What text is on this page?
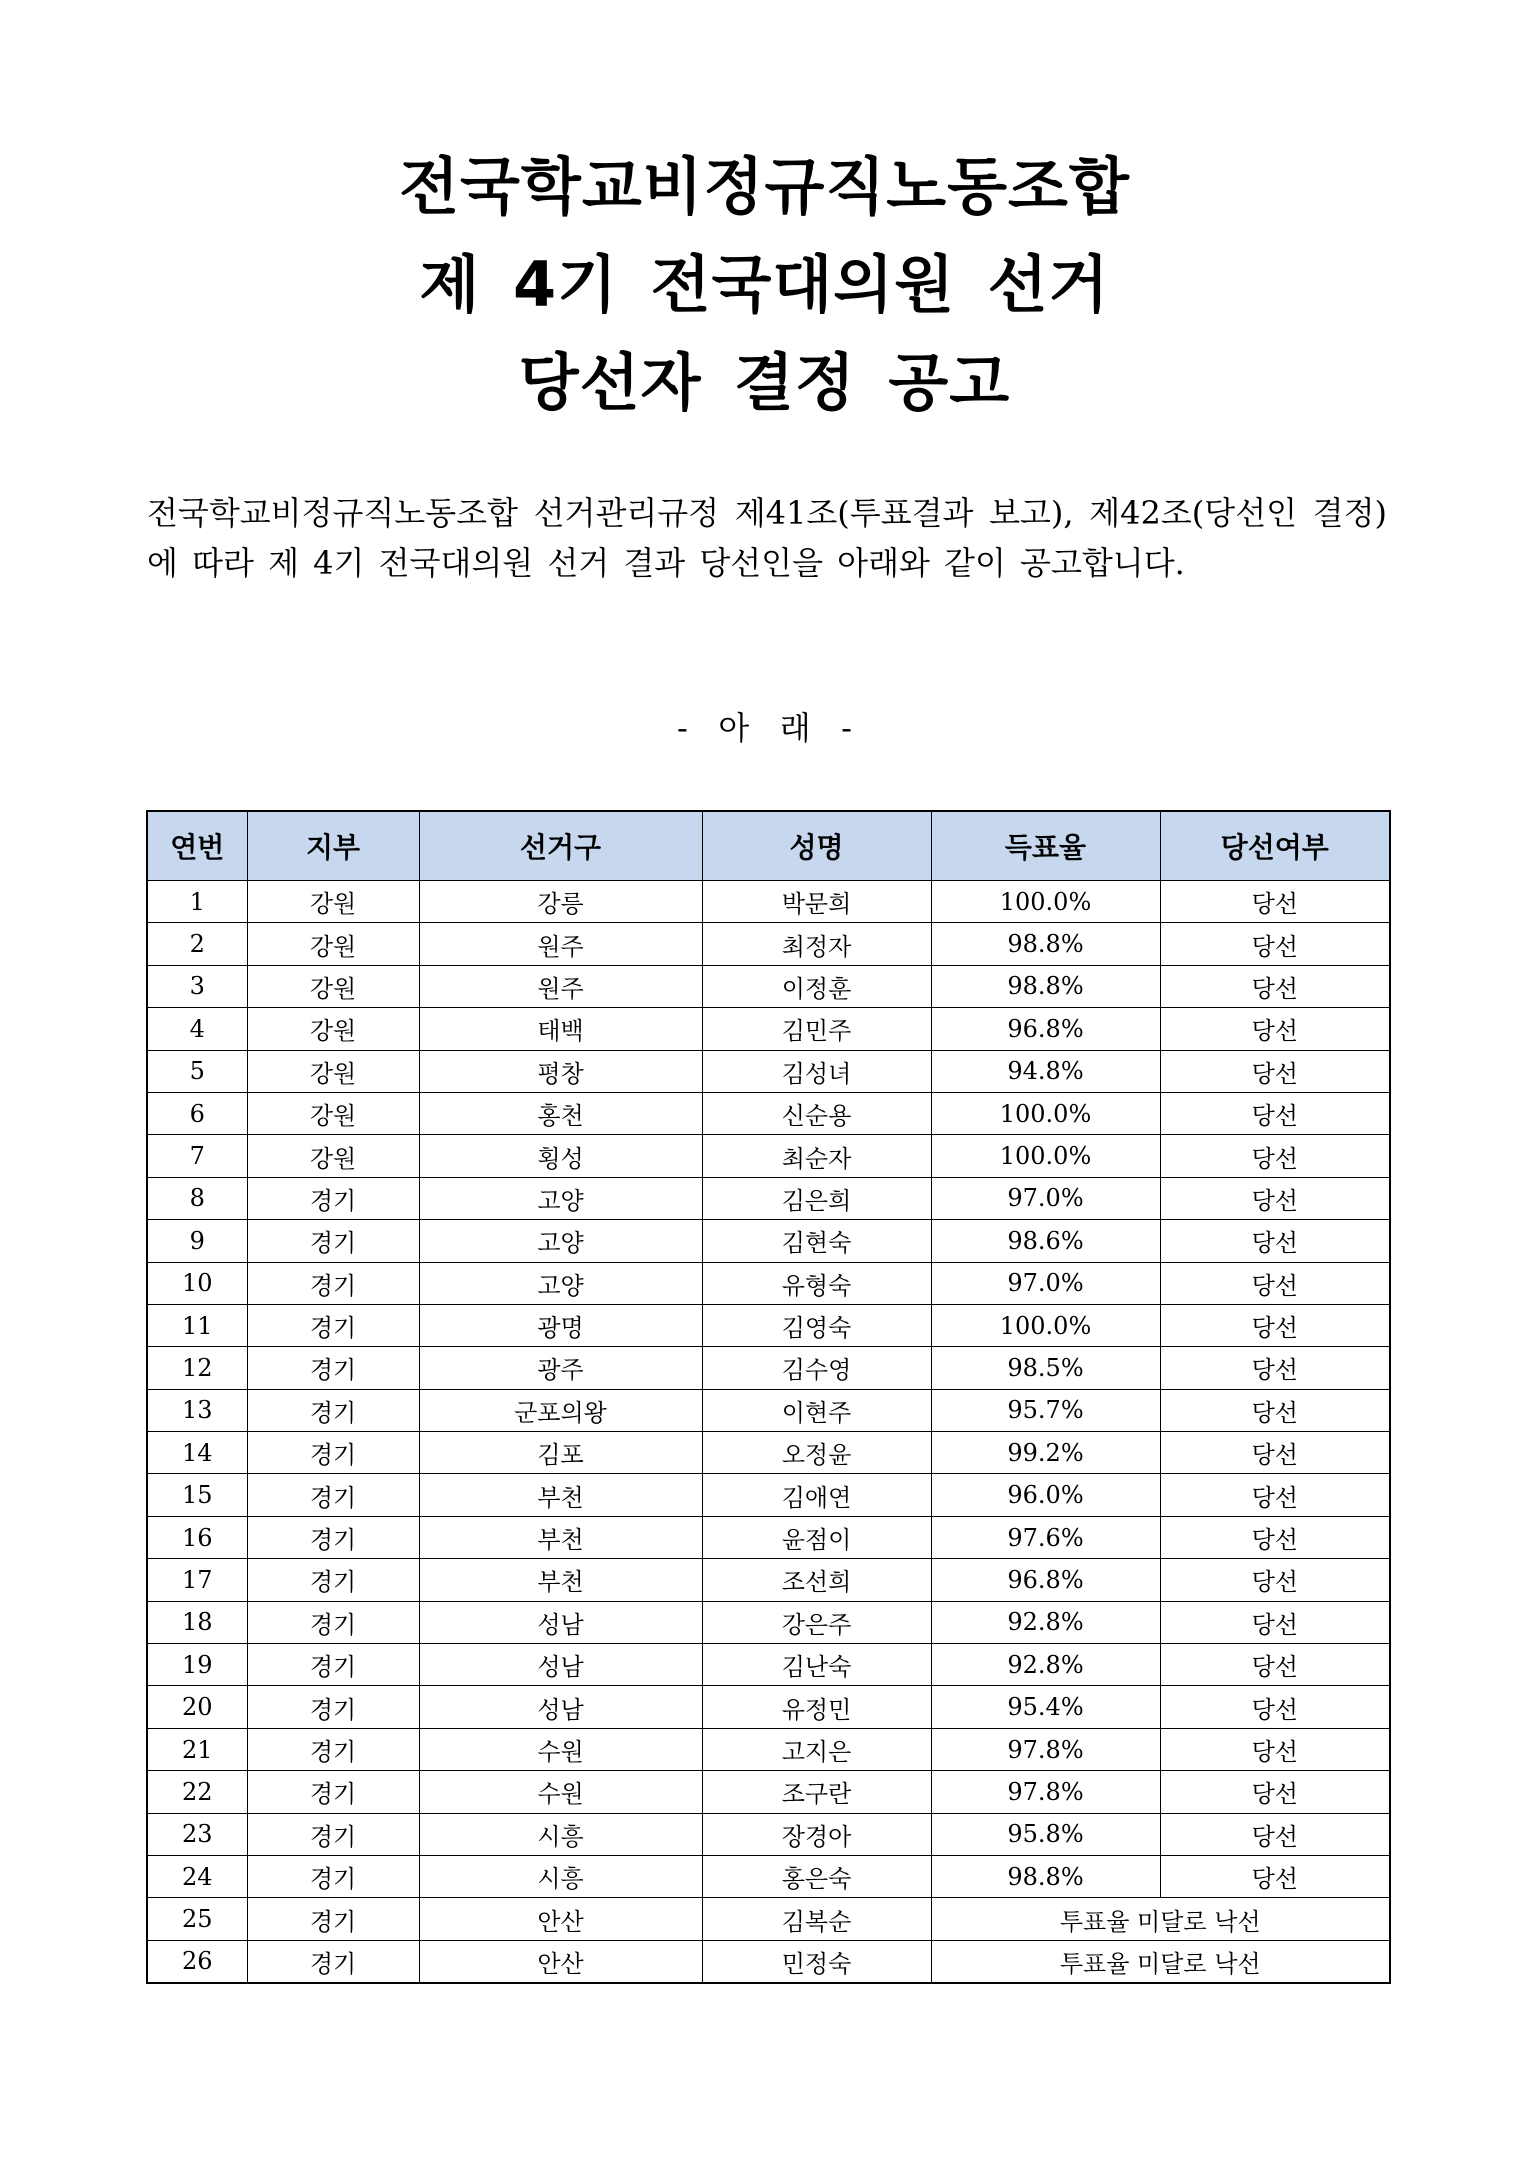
전국학교비정규직노동조합
제 4기 전국대의원 선거
당선자 결정 공고
전국학교비정규직노동조합 선거관리규정 제41조(투표결과 보고), 제42조(당선인 결정)에 따라 제 4기 전국대의원 선거 결과 당선인을 아래와 같이 공고합니다.
-   아   래   -
연번	지부	선거구	성명	득표율	당선여부
1	강원	강릉	박문희	100.0%	당선
2	강원	원주	최정자	98.8%	당선
3	강원	원주	이정훈	98.8%	당선
4	강원	태백	김민주	96.8%	당선
5	강원	평창	김성녀	94.8%	당선
6	강원	홍천	신순용	100.0%	당선
7	강원	횡성	최순자	100.0%	당선
8	경기	고양	김은희	97.0%	당선
9	경기	고양	김현숙	98.6%	당선
10	경기	고양	유형숙	97.0%	당선
11	경기	광명	김영숙	100.0%	당선
12	경기	광주	김수영	98.5%	당선
13	경기	군포의왕	이현주	95.7%	당선
14	경기	김포	오정윤	99.2%	당선
15	경기	부천	김애연	96.0%	당선
16	경기	부천	윤점이	97.6%	당선
17	경기	부천	조선희	96.8%	당선
18	경기	성남	강은주	92.8%	당선
19	경기	성남	김난숙	92.8%	당선
20	경기	성남	유정민	95.4%	당선
21	경기	수원	고지은	97.8%	당선
22	경기	수원	조구란	97.8%	당선
23	경기	시흥	장경아	95.8%	당선
24	경기	시흥	홍은숙	98.8%	당선
25	경기	안산	김복순	투표율 미달로 낙선	
26	경기	안산	민정숙	투표율 미달로 낙선	
